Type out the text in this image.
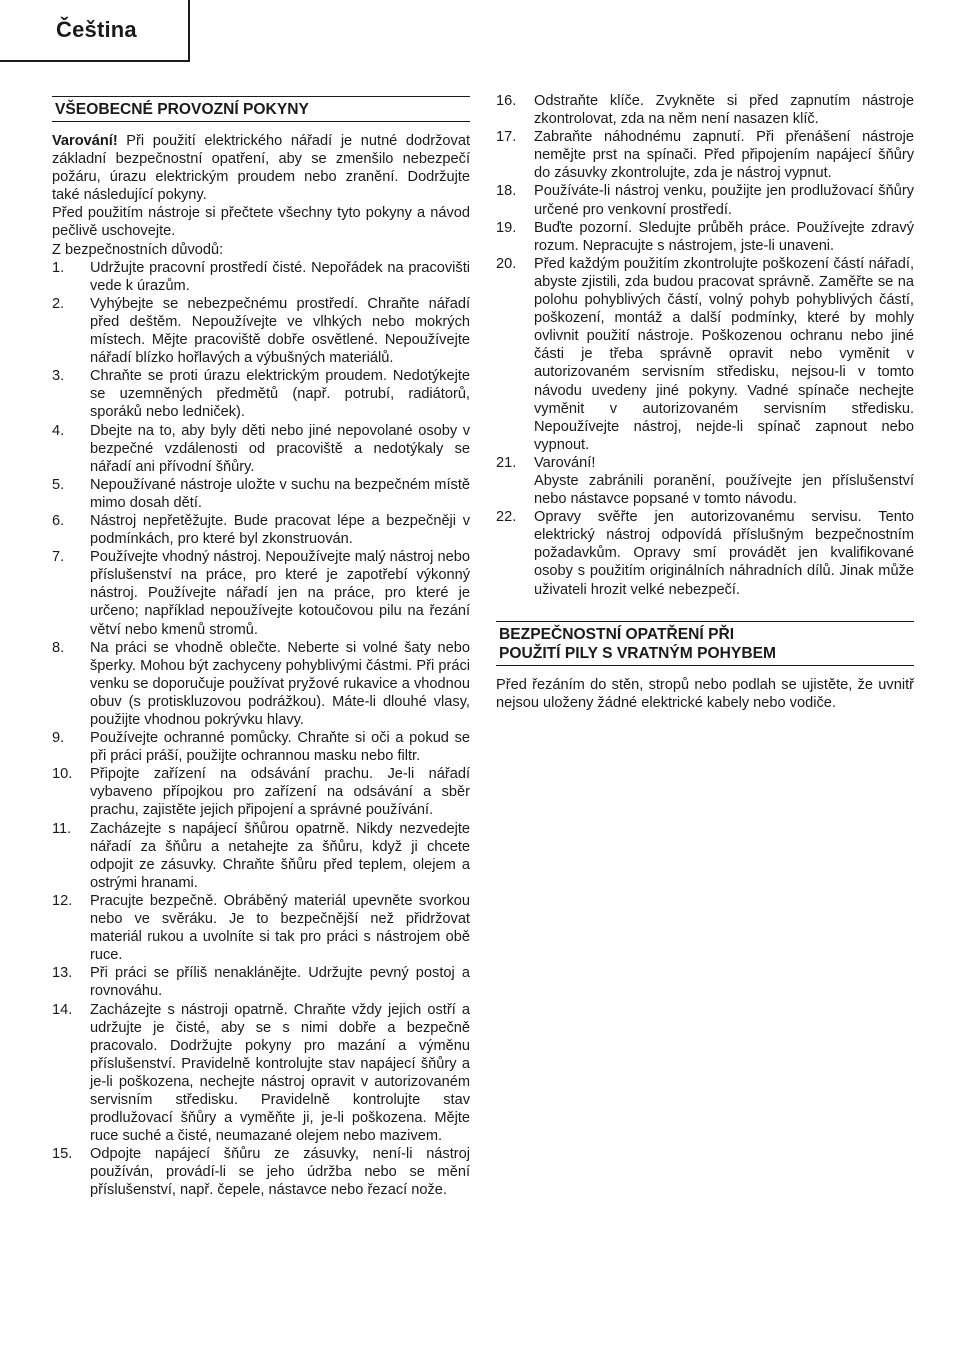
Čeština
VŠEOBECNÉ PROVOZNÍ POKYNY

Varování! Při použití elektrického nářadí je nutné dodržovat základní bezpečnostní opatření, aby se zmenšilo nebezpečí požáru, úrazu elektrickým proudem nebo zranění. Dodržujte také následující pokyny.

Před použitím nástroje si přečtete všechny tyto pokyny a návod pečlivě uschovejte.

Z bezpečnostních důvodů:

1. Udržujte pracovní prostředí čisté. Nepořádek na pracovišti vede k úrazům.
2. Vyhýbejte se nebezpečnému prostředí. Chraňte nářadí před deštěm. Nepoužívejte ve vlhkých nebo mokrých místech. Mějte pracoviště dobře osvětlené. Nepoužívejte nářadí blízko hořlavých a výbušných materiálů.
3. Chraňte se proti úrazu elektrickým proudem. Nedotýkejte se uzemněných předmětů (např. potrubí, radiátorů, sporáků nebo ledniček).
4. Dbejte na to, aby byly děti nebo jiné nepovolané osoby v bezpečné vzdálenosti od pracoviště a nedotýkaly se nářadí ani přívodní šňůry.
5. Nepoužívané nástroje uložte v suchu na bezpečném místě mimo dosah dětí.
6. Nástroj nepřetěžujte. Bude pracovat lépe a bezpečněji v podmínkách, pro které byl zkonstruován.
7. Používejte vhodný nástroj. Nepoužívejte malý nástroj nebo příslušenství na práce, pro které je zapotřebí výkonný nástroj. Používejte nářadí jen na práce, pro které je určeno; například nepoužívejte kotoučovou pilu na řezání větví nebo kmenů stromů.
8. Na práci se vhodně oblečte. Neberte si volné šaty nebo šperky. Mohou být zachyceny pohyblivými částmi. Při práci venku se doporučuje používat pryžové rukavice a vhodnou obuv (s protiskluzovou podrážkou). Máte-li dlouhé vlasy, použijte vhodnou pokrývku hlavy.
9. Používejte ochranné pomůcky. Chraňte si oči a pokud se při práci práší, použijte ochrannou masku nebo filtr.
10. Připojte zařízení na odsávání prachu. Je-li nářadí vybaveno přípojkou pro zařízení na odsávání a sběr prachu, zajistěte jejich připojení a správné používání.
11. Zacházejte s napájecí šňůrou opatrně. Nikdy nezvedejte nářadí za šňůru a netahejte za šňůru, když ji chcete odpojit ze zásuvky. Chraňte šňůru před teplem, olejem a ostrými hranami.
12. Pracujte bezpečně. Obráběný materiál upevněte svorkou nebo ve svěráku. Je to bezpečnější než přidržovat materiál rukou a uvolníte si tak pro práci s nástrojem obě ruce.
13. Při práci se příliš nenaklánějte. Udržujte pevný postoj a rovnováhu.
14. Zacházejte s nástroji opatrně. Chraňte vždy jejich ostří a udržujte je čisté, aby se s nimi dobře a bezpečně pracovalo. Dodržujte pokyny pro mazání a výměnu příslušenství. Pravidelně kontrolujte stav napájecí šňůry a je-li poškozena, nechejte nástroj opravit v autorizovaném servisním středisku. Pravidelně kontrolujte stav prodlužovací šňůry a vyměňte ji, je-li poškozena. Mějte ruce suché a čisté, neumazané olejem nebo mazivem.
15. Odpojte napájecí šňůru ze zásuvky, není-li nástroj používán, provádí-li se jeho údržba nebo se mění příslušenství, např. čepele, nástavce nebo řezací nože.
16. Odstraňte klíče. Zvykněte si před zapnutím nástroje zkontrolovat, zda na něm není nasazen klíč.
17. Zabraňte náhodnému zapnutí. Při přenášení nástroje nemějte prst na spínači. Před připojením napájecí šňůry do zásuvky zkontrolujte, zda je nástroj vypnut.
18. Používáte-li nástroj venku, použijte jen prodlužovací šňůry určené pro venkovní prostředí.
19. Buďte pozorní. Sledujte průběh práce. Používejte zdravý rozum. Nepracujte s nástrojem, jste-li unaveni.
20. Před každým použitím zkontrolujte poškození částí nářadí, abyste zjistili, zda budou pracovat správně. Zaměřte se na polohu pohyblivých částí, volný pohyb pohyblivých částí, poškození, montáž a další podmínky, které by mohly ovlivnit použití nástroje. Poškozenou ochranu nebo jiné části je třeba správně opravit nebo vyměnit v autorizovaném servisním středisku, nejsou-li v tomto návodu uvedeny jiné pokyny. Vadné spínače nechejte vyměnit v autorizovaném servisním středisku. Nepoužívejte nástroj, nejde-li spínač zapnout nebo vypnout.
21. Varování!
Abyste zabránili poranění, používejte jen příslušenství nebo nástavce popsané v tomto návodu.
22. Opravy svěřte jen autorizovanému servisu. Tento elektrický nástroj odpovídá příslušným bezpečnostním požadavkům. Opravy smí provádět jen kvalifikované osoby s použitím originálních náhradních dílů. Jinak může uživateli hrozit velké nebezpečí.
BEZPEČNOSTNÍ OPATŘENÍ PŘI
POUŽITÍ PILY S VRATNÝM POHYBEM

Před řezáním do stěn, stropů nebo podlah se ujistěte, že uvnitř nejsou uloženy žádné elektrické kabely nebo vodiče.
